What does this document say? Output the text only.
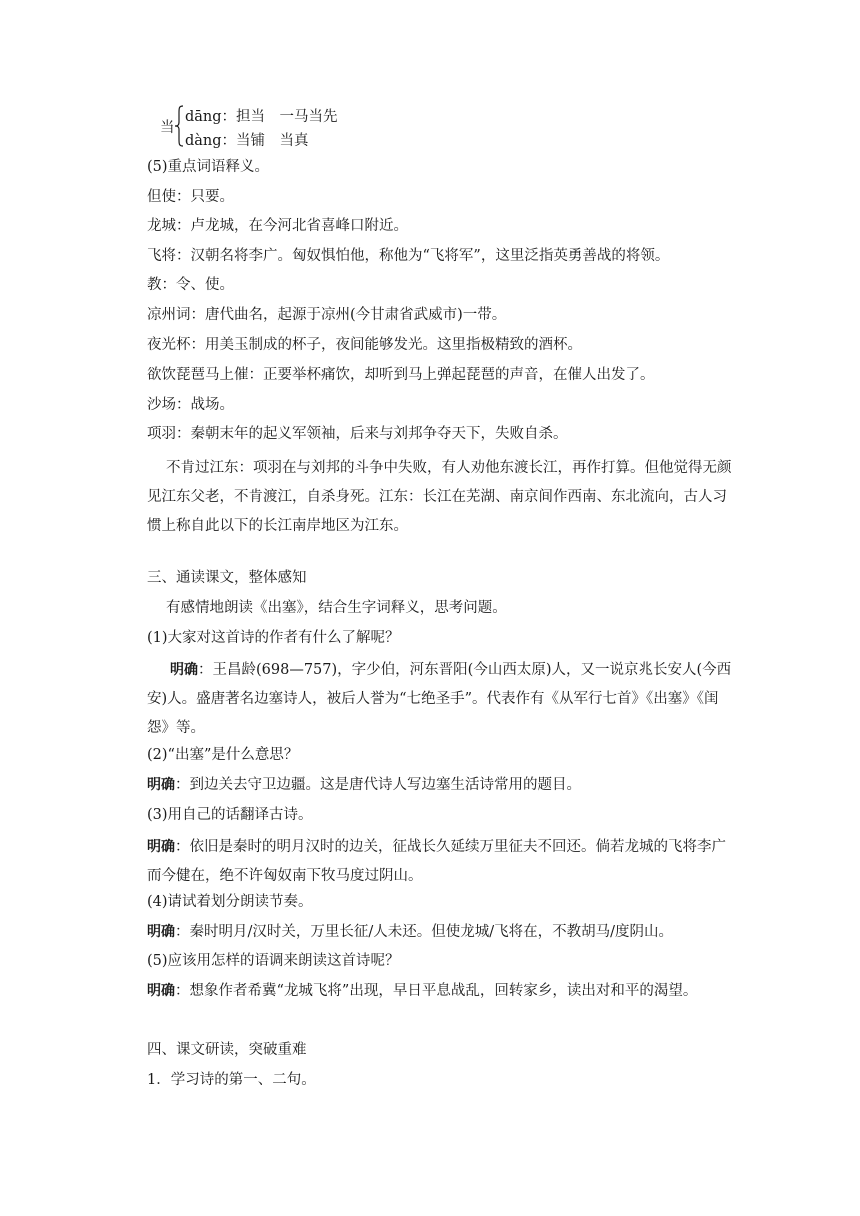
当
dāng：担当　一马当先
dàng：当铺　当真
(5)重点词语释义。
但使：只要。
龙城：卢龙城，在今河北省喜峰口附近。
飞将：汉朝名将李广。匈奴惧怕他，称他为“飞将军”，这里泛指英勇善战的将领。
教：令、使。
凉州词：唐代曲名，起源于凉州(今甘肃省武威市)一带。
夜光杯：用美玉制成的杯子，夜间能够发光。这里指极精致的酒杯。
欲饮琵琶马上催：正要举杯痛饮，却听到马上弹起琵琶的声音，在催人出发了。
沙场：战场。
项羽：秦朝末年的起义军领袖，后来与刘邦争夺天下，失败自杀。
不肯过江东：项羽在与刘邦的斗争中失败，有人劝他东渡长江，再作打算。但他觉得无颜见江东父老，不肯渡江，自杀身死。江东：长江在芜湖、南京间作西南、东北流向，古人习惯上称自此以下的长江南岸地区为江东。
三、通读课文，整体感知
有感情地朗读《出塞》，结合生字词释义，思考问题。
(1)大家对这首诗的作者有什么了解呢？
明确：王昌龄(698—757)，字少伯，河东晋阳(今山西太原)人，又一说京兆长安人(今西安)人。盛唐著名边塞诗人，被后人誉为“七绝圣手”。代表作有《从军行七首》《出塞》《闺怨》等。
(2)“出塞”是什么意思？
明确：到边关去守卫边疆。这是唐代诗人写边塞生活诗常用的题目。
(3)用自己的话翻译古诗。
明确：依旧是秦时的明月汉时的边关，征战长久延续万里征夫不回还。倘若龙城的飞将李广而今健在，绝不许匈奴南下牧马度过阴山。
(4)请试着划分朗读节奏。
明确：秦时明月/汉时关，万里长征/人未还。但使龙城/飞将在，不教胡马/度阴山。
(5)应该用怎样的语调来朗读这首诗呢？
明确：想象作者希冀“龙城飞将”出现，早日平息战乱，回转家乡，读出对和平的渴望。
四、课文研读，突破重难
1．学习诗的第一、二句。
